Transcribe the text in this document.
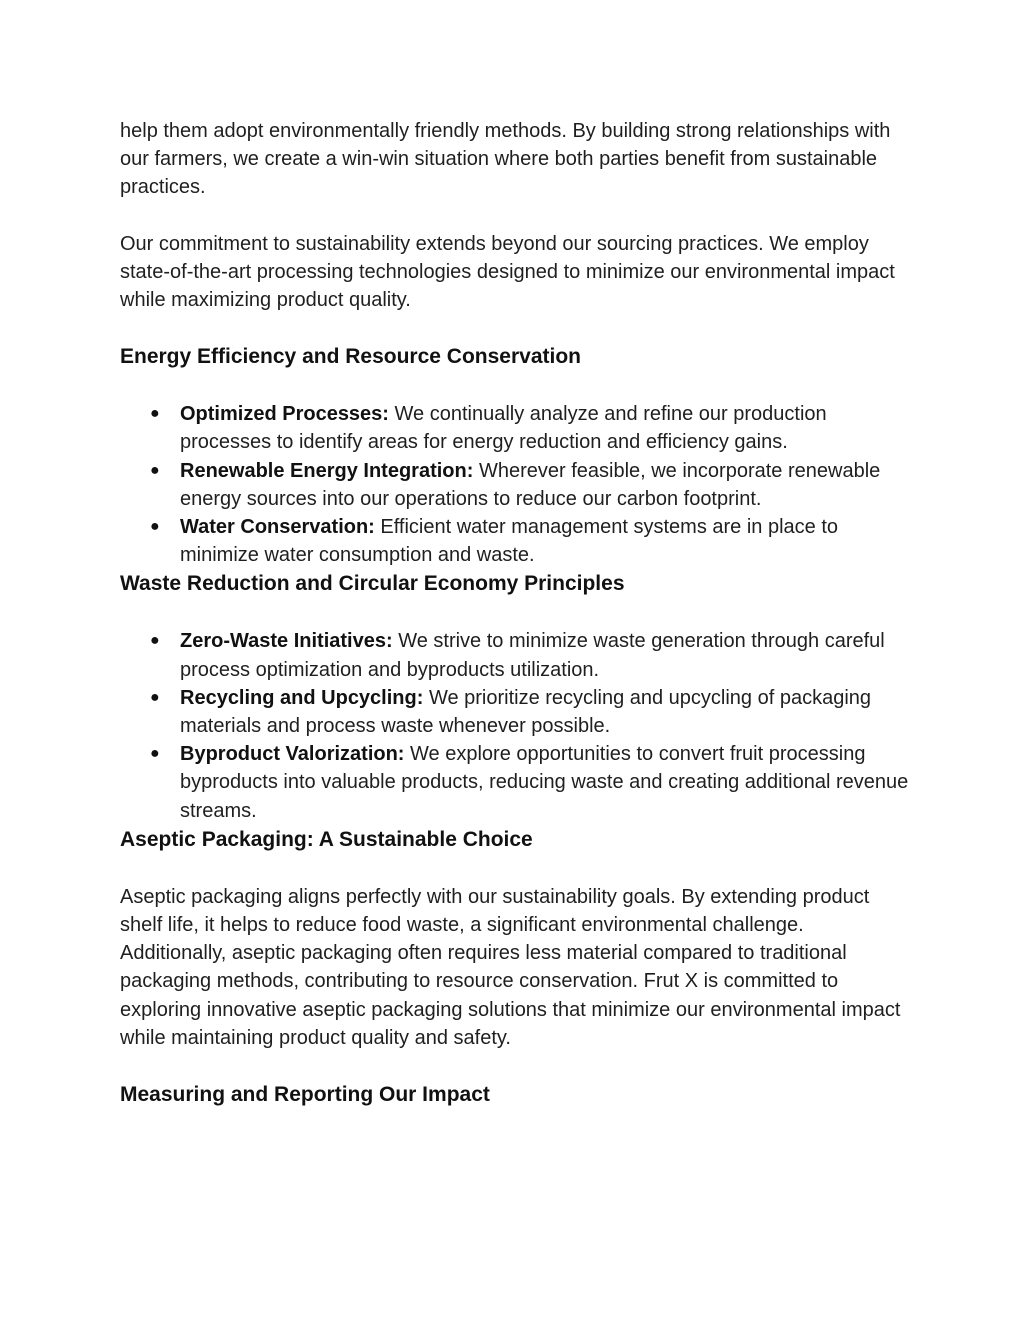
help them adopt environmentally friendly methods. By building strong relationships with our farmers, we create a win-win situation where both parties benefit from sustainable practices.

Our commitment to sustainability extends beyond our sourcing practices. We employ state-of-the-art processing technologies designed to minimize our environmental impact while maximizing product quality.

Energy Efficiency and Resource Conservation
● Optimized Processes: We continually analyze and refine our production processes to identify areas for energy reduction and efficiency gains.
● Renewable Energy Integration: Wherever feasible, we incorporate renewable energy sources into our operations to reduce our carbon footprint.
● Water Conservation: Efficient water management systems are in place to minimize water consumption and waste.
Waste Reduction and Circular Economy Principles
● Zero-Waste Initiatives: We strive to minimize waste generation through careful process optimization and byproducts utilization.
● Recycling and Upcycling: We prioritize recycling and upcycling of packaging materials and process waste whenever possible.
● Byproduct Valorization: We explore opportunities to convert fruit processing byproducts into valuable products, reducing waste and creating additional revenue streams.
Aseptic Packaging: A Sustainable Choice

Aseptic packaging aligns perfectly with our sustainability goals. By extending product shelf life, it helps to reduce food waste, a significant environmental challenge. Additionally, aseptic packaging often requires less material compared to traditional packaging methods, contributing to resource conservation. Frut X is committed to exploring innovative aseptic packaging solutions that minimize our environmental impact while maintaining product quality and safety.

Measuring and Reporting Our Impact
